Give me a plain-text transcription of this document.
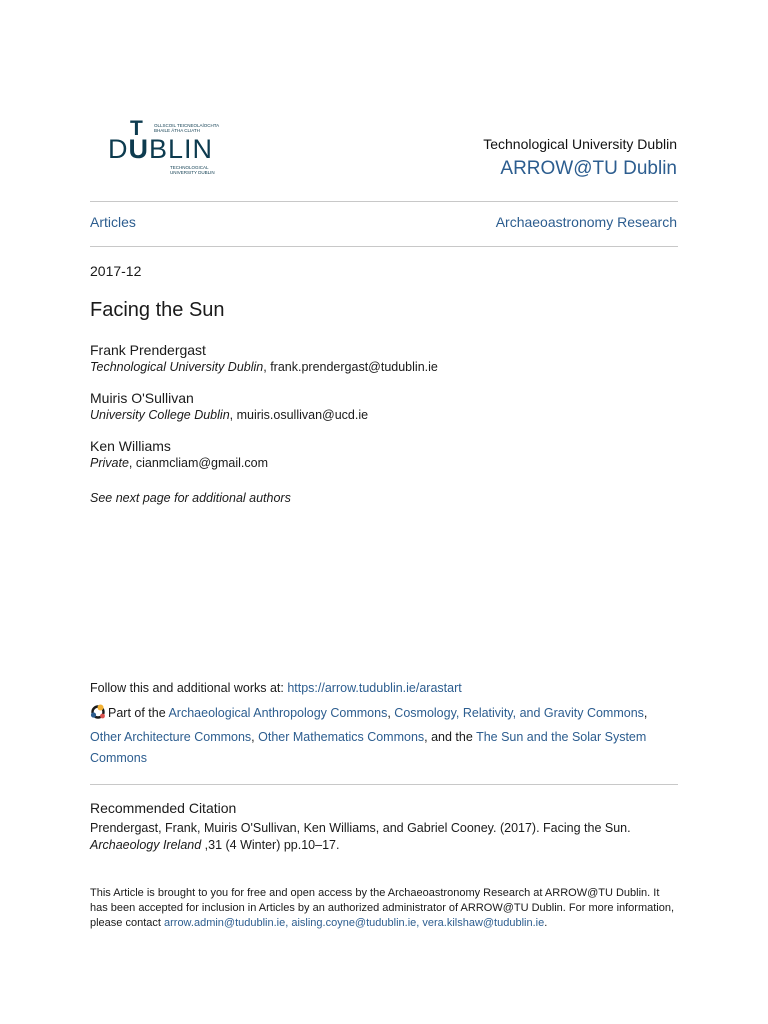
T OLLSCOIL TEICNEOLAÍOCHTA
BHAILE ÁTHA CLIATH
DUBLIN
TECHNOLOGICAL
UNIVERSITY DUBLIN
Technological University Dublin
ARROW@TU Dublin
Articles	Archaeoastronomy Research
2017-12
Facing the Sun
Frank Prendergast
Technological University Dublin, frank.prendergast@tudublin.ie
Muiris O'Sullivan
University College Dublin, muiris.osullivan@ucd.ie
Ken Williams
Private, cianmcliam@gmail.com
See next page for additional authors
Follow this and additional works at: https://arrow.tudublin.ie/arastart
Part of the Archaeological Anthropology Commons, Cosmology, Relativity, and Gravity Commons,
Other Architecture Commons, Other Mathematics Commons, and the The Sun and the Solar System Commons
Recommended Citation
Prendergast, Frank, Muiris O'Sullivan, Ken Williams, and Gabriel Cooney. (2017). Facing the Sun.
Archaeology Ireland ,31 (4 Winter) pp.10–17.
This Article is brought to you for free and open access by the Archaeoastronomy Research at ARROW@TU Dublin. It has been accepted for inclusion in Articles by an authorized administrator of ARROW@TU Dublin. For more information, please contact arrow.admin@tudublin.ie, aisling.coyne@tudublin.ie, vera.kilshaw@tudublin.ie.
